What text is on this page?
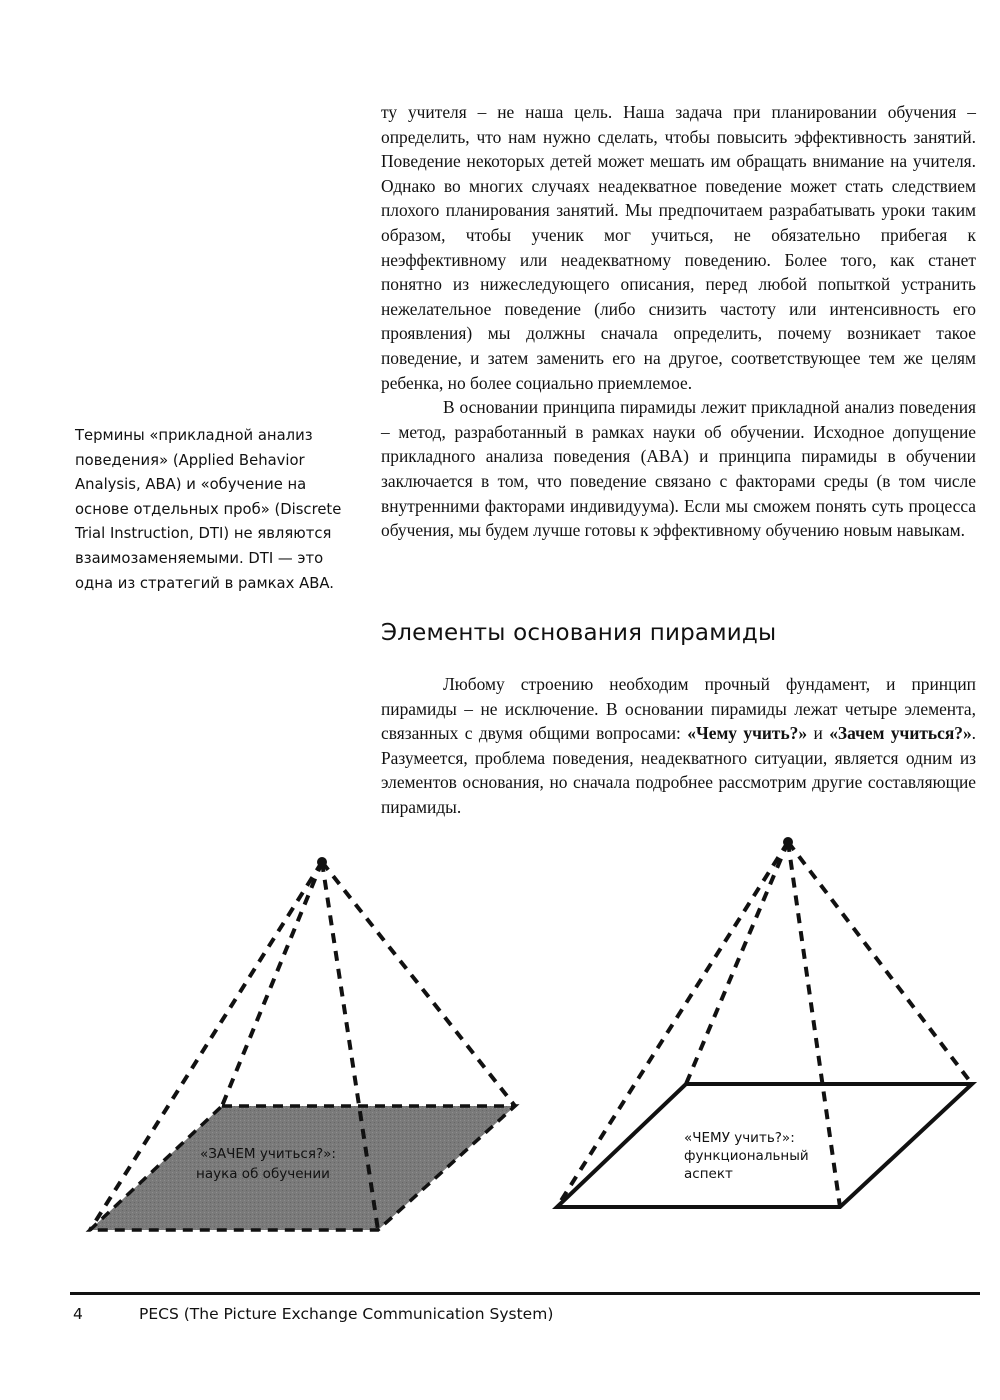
ту учителя – не наша цель. Наша задача при планировании обучения – определить, что нам нужно сделать, чтобы повысить эффективность занятий. Поведение некоторых детей может мешать им обращать внимание на учителя. Однако во многих случаях неадекватное поведение может стать следствием плохого планирования занятий. Мы предпочитаем разрабатывать уроки таким образом, чтобы ученик мог учиться, не обязательно прибегая к неэффективному или неадекватному поведению. Более того, как станет понятно из нижеследующего описания, перед любой попыткой устранить нежелательное поведение (либо снизить частоту или интенсивность его проявления) мы должны сначала определить, почему возникает такое поведение, и затем заменить его на другое, соответствующее тем же целям ребенка, но более социально приемлемое.

В основании принципа пирамиды лежит прикладной анализ поведения – метод, разработанный в рамках науки об обучении. Исходное допущение прикладного анализа поведения (ABA) и принципа пирамиды в обучении заключается в том, что поведение связано с факторами среды (в том числе внутренними факторами индивидуума). Если мы сможем понять суть процесса обучения, мы будем лучше готовы к эффективному обучению новым навыкам.

Термины «прикладной анализ поведения» (Applied Behavior Analysis, ABA) и «обучение на основе отдельных проб» (Discrete Trial Instruction, DTI) не являются взаимозаменяемыми. DTI — это одна из стратегий в рамках ABA.
Элементы основания пирамиды

Любому строению необходим прочный фундамент, и принцип пирамиды – не исключение. В основании пирамиды лежат четыре элемента, связанных с двумя общими вопросами: «Чему учить?» и «Зачем учиться?». Разумеется, проблема поведения, неадекватного ситуации, является одним из элементов основания, но сначала подробнее рассмотрим другие составляющие пирамиды.

«ЗАЧЕМ учиться?»:
наука об обучении
«ЧЕМУ учить?»:
функциональный
аспект
4	PECS (The Picture Exchange Communication System)
